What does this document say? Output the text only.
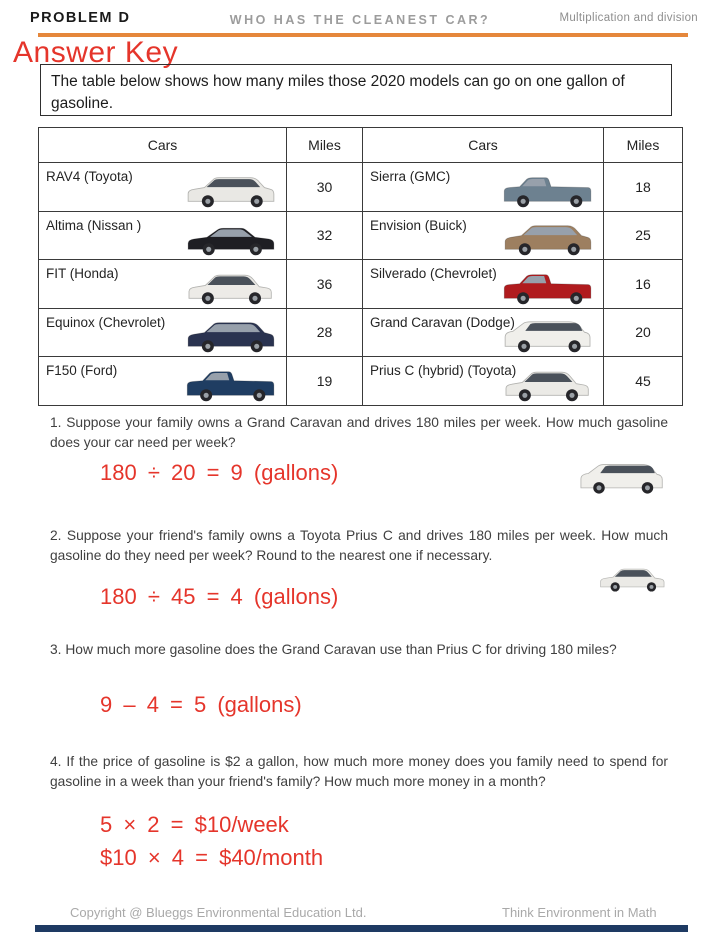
PROBLEM D	WHO HAS THE CLEANEST CAR?	Multiplication and division
Answer Key
The table below shows how many miles those 2020 models can go on one gallon of gasoline.
Cars	Miles	Cars	Miles

RAV4 (Toyota)	30	Sierra (GMC)	18

Altima (Nissan )	32	Envision (Buick)	25

FIT (Honda)	36	Silverado (Chevrolet)	16

Equinox (Chevrolet)	28	Grand Caravan (Dodge)	20

F150 (Ford)	19	Prius C (hybrid) (Toyota)	45

1. Suppose your family owns a Grand Caravan and drives 180 miles per week. How much gasoline does your car need per week?

180 ÷ 20 = 9 (gallons)

2. Suppose your friend's family owns a Toyota Prius C and drives 180 miles per week. How much gasoline do they need per week? Round to the nearest one if necessary.

180 ÷ 45 = 4 (gallons)

3. How much more gasoline does the Grand Caravan use than Prius C for driving 180 miles?

9 – 4 = 5 (gallons)

4. If the price of gasoline is $2 a gallon, how much more money does you family need to spend for gasoline in a week than your friend's family? How much more money in a month?

5 × 2 = $10/week
$10 × 4 = $40/month
Copyright @ Blueggs Environmental Education Ltd.	Think Environment in Math
